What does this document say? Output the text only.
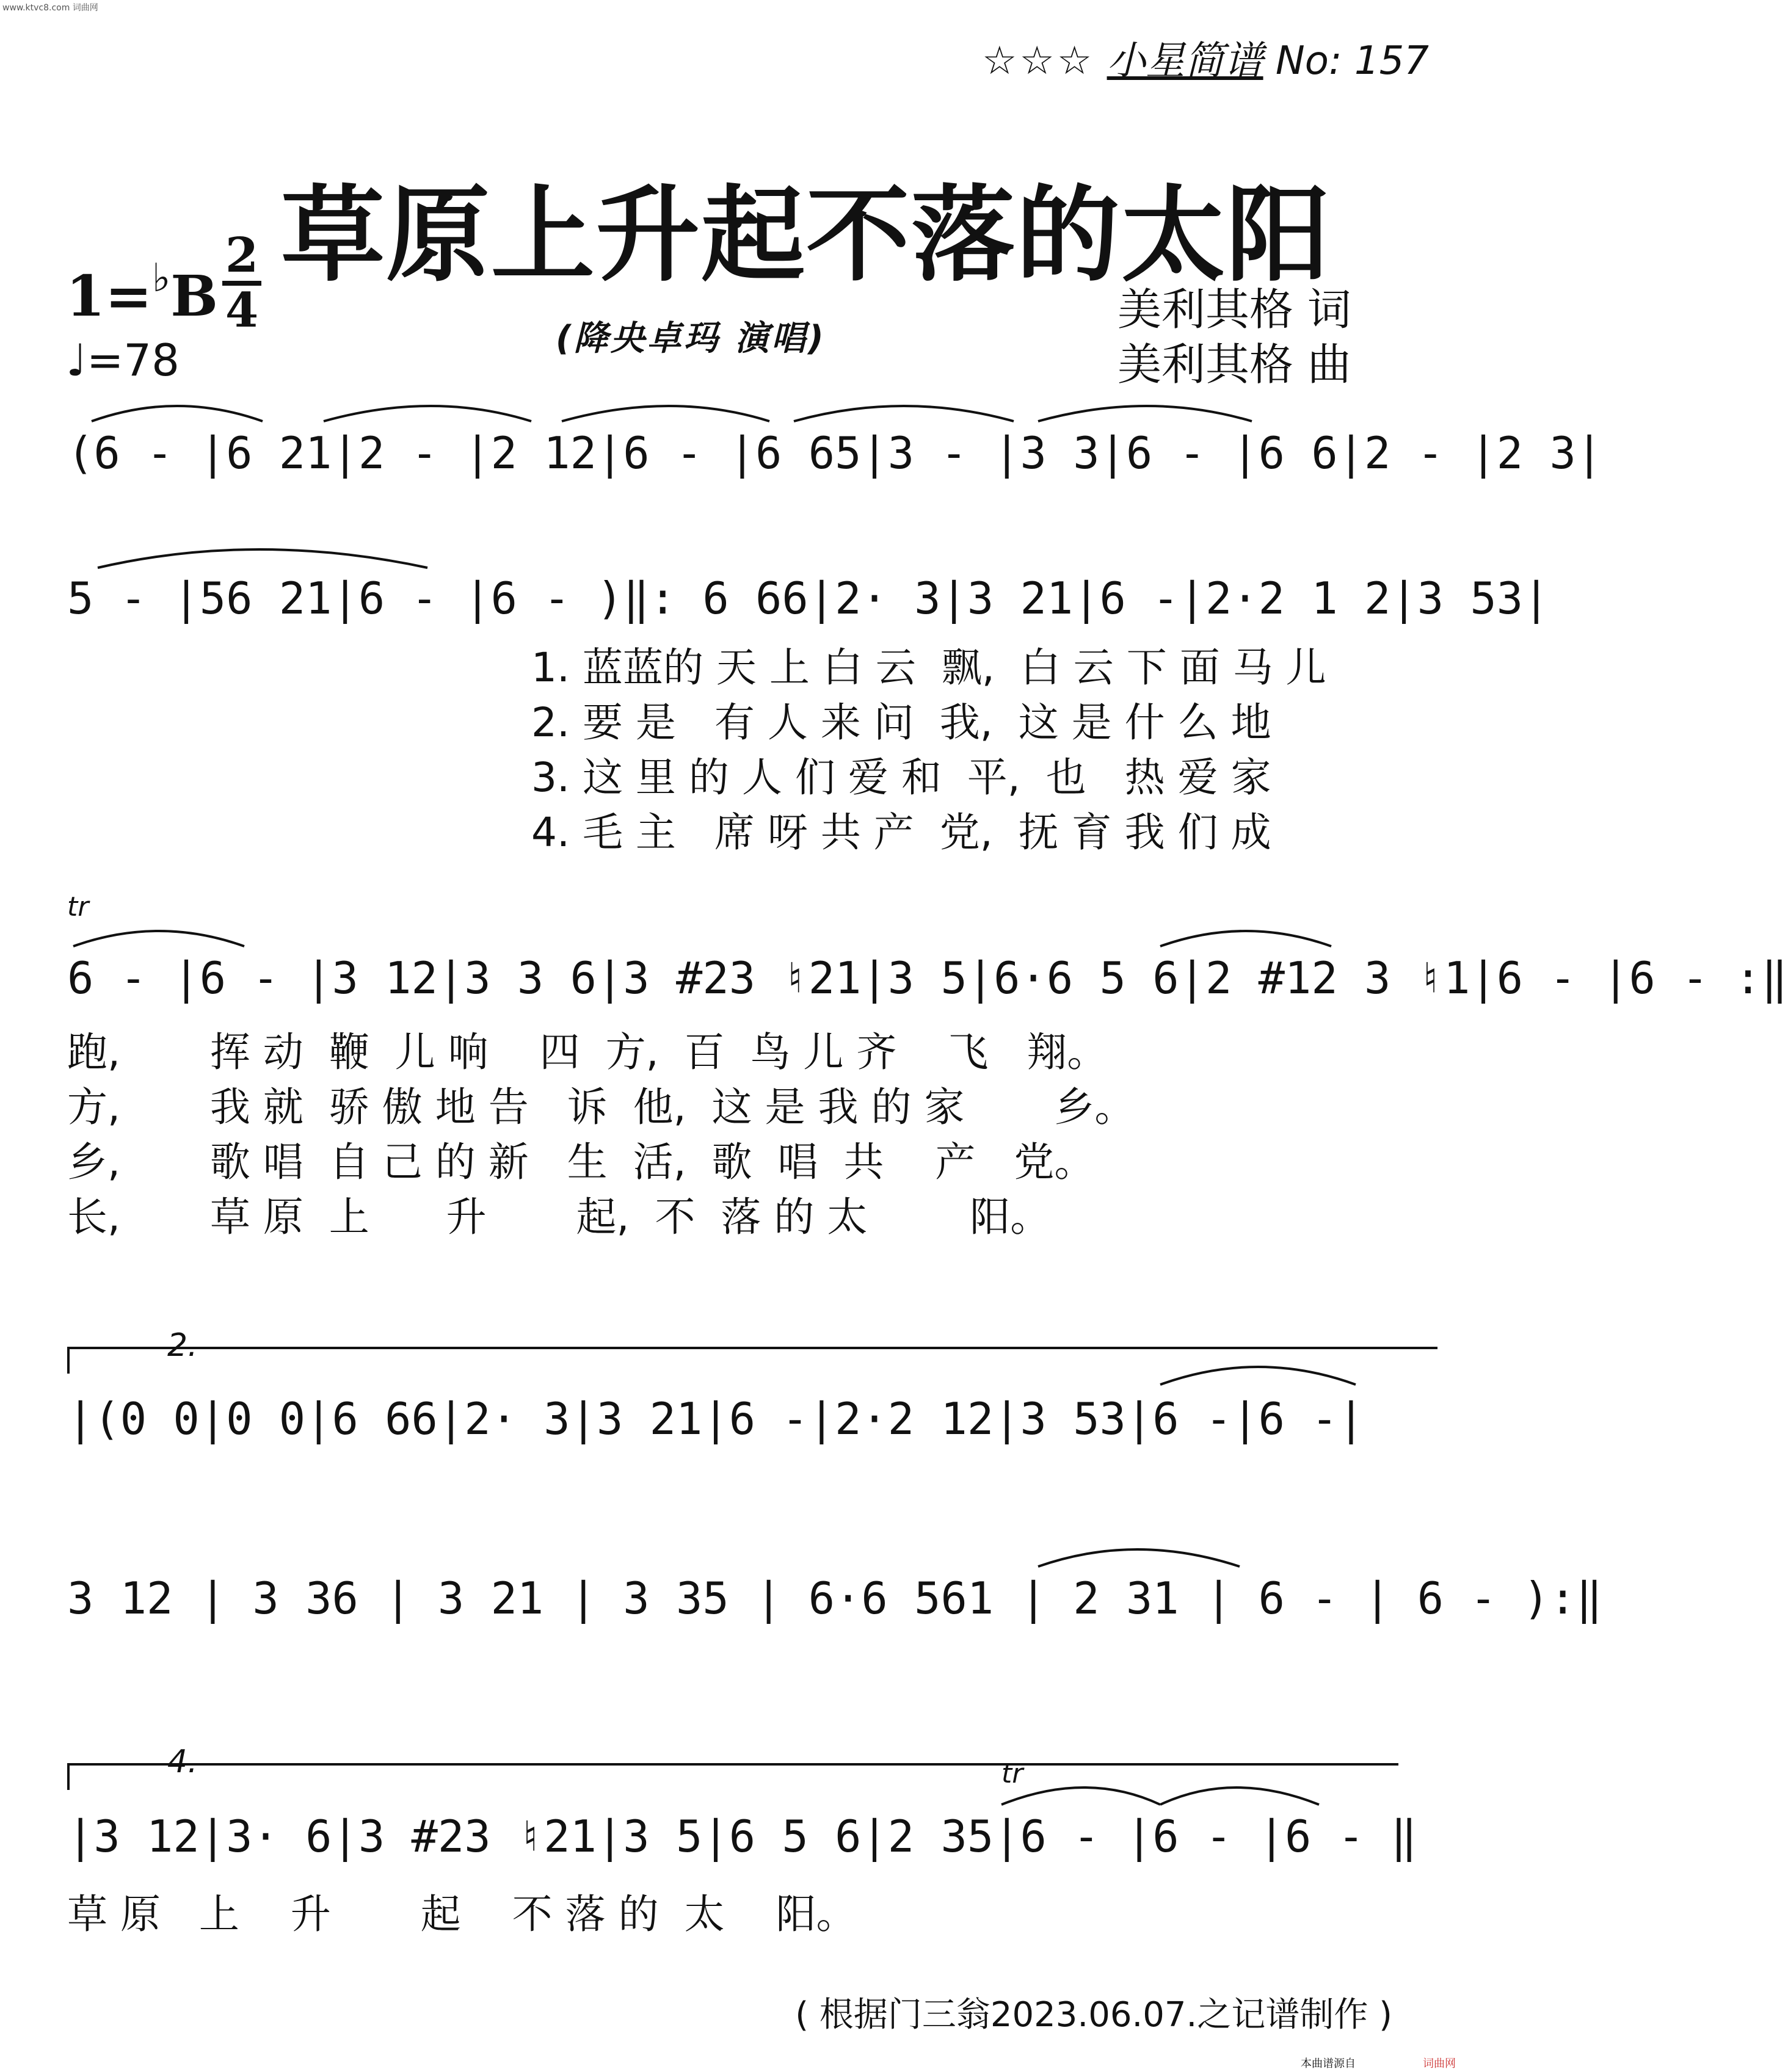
www.ktvc8.com 词曲网
☆☆☆ 小星简谱 No: 157
草原上升起不落的太阳
1=♭B
2
4
♩=78	(降央卓玛 演唱)
美利其格 词
美利其格 曲
(6 - |6 21|2 - |2 12|6 - |6 65|3 - |3 3|6 - |6 6|2 - |2 3|
5 - |56 21|6 - |6 - )‖: 6 66|2· 3|3 21|6 -|2·2 1 2|3 53|
1. 蓝蓝的 天 上 白 云  飘,  白 云 下 面 马 儿
2. 要 是   有 人 来 问  我,  这 是 什 么 地
3. 这 里 的 人 们 爱 和  平,  也   热 爱 家
4. 毛 主   席 呀 共 产  党,  抚 育 我 们 成
tr
6 - |6 - |3 12|3 3 6|3 #23 ♮21|3 5|6·6 5 6|2 #12 3 ♮1|6 - |6 - :‖
跑,       挥 动  鞭  儿 响    四  方,  百  鸟 儿 齐    飞   翔。
方,       我 就  骄 傲 地 告   诉  他,  这 是 我 的 家       乡。
乡,       歌 唱  自 己 的 新   生  活,  歌  唱  共    产   党。
长,       草 原  上      升       起,  不  落 的 太        阳。
2.
|(0 0|0 0|6 66|2· 3|3 21|6 -|2·2 12|3 53|6 -|6 -|
3 12 | 3 36 | 3 21 | 3 35 | 6·6 561 | 2 31 | 6 - | 6 - ):‖
4.	tr
|3 12|3· 6|3 #23 ♮21|3 5|6 5 6|2 35|6 - |6 - |6 - ‖
草 原   上    升       起    不 落 的  太    阳。
( 根据门三翁2023.06.07.之记谱制作 )
本曲谱源自	词曲网
